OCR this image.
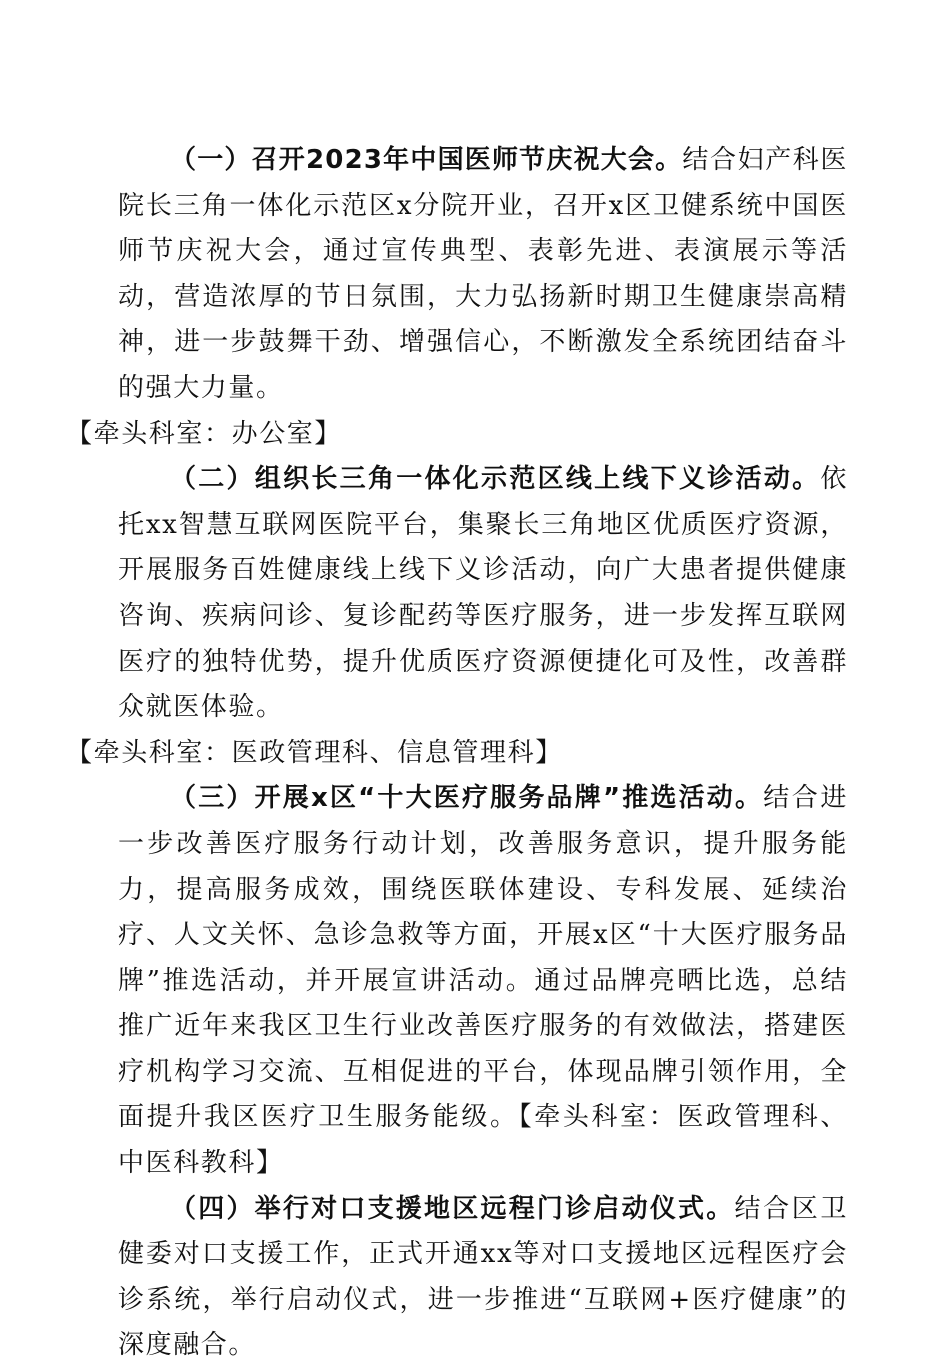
（一）召开2023年中国医师节庆祝大会。结合妇产科医院长三角一体化示范区x分院开业，召开x区卫健系统中国医师节庆祝大会，通过宣传典型、表彰先进、表演展示等活动，营造浓厚的节日氛围，大力弘扬新时期卫生健康崇高精神，进一步鼓舞干劲、增强信心，不断激发全系统团结奋斗的强大力量。
【牵头科室：办公室】

（二）组织长三角一体化示范区线上线下义诊活动。依托xx智慧互联网医院平台，集聚长三角地区优质医疗资源，开展服务百姓健康线上线下义诊活动，向广大患者提供健康咨询、疾病问诊、复诊配药等医疗服务，进一步发挥互联网医疗的独特优势，提升优质医疗资源便捷化可及性，改善群众就医体验。
【牵头科室：医政管理科、信息管理科】

（三）开展x区“十大医疗服务品牌”推选活动。结合进一步改善医疗服务行动计划，改善服务意识，提升服务能力，提高服务成效，围绕医联体建设、专科发展、延续治疗、人文关怀、急诊急救等方面，开展x区“十大医疗服务品牌”推选活动，并开展宣讲活动。通过品牌亮晒比选，总结推广近年来我区卫生行业改善医疗服务的有效做法，搭建医疗机构学习交流、互相促进的平台，体现品牌引领作用，全面提升我区医疗卫生服务能级。【牵头科室：医政管理科、中医科教科】

（四）举行对口支援地区远程门诊启动仪式。结合区卫健委对口支援工作，正式开通xx等对口支援地区远程医疗会诊系统，举行启动仪式，进一步推进“互联网+医疗健康”的深度融合。
